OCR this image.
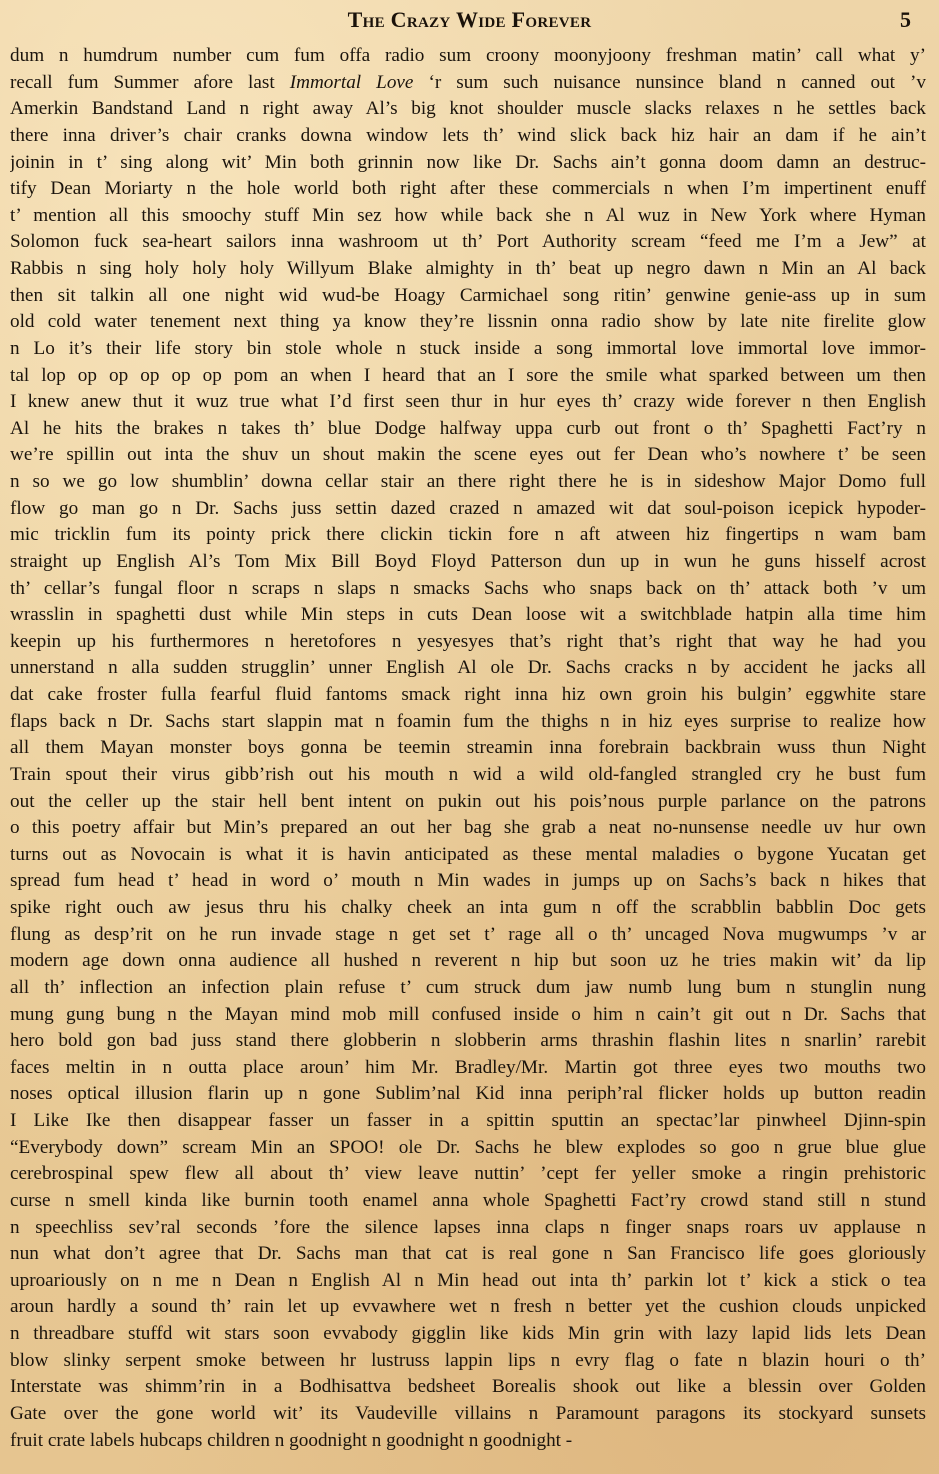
The Crazy Wide Forever	5
dum n humdrum number cum fum offa radio sum croony moonyjoony freshman matin’ call what y’
recall fum Summer afore last Immortal Love ‘r sum such nuisance nunsince bland n canned out ’v
Amerkin Bandstand Land n right away Al’s big knot shoulder muscle slacks relaxes n he settles back
there inna driver’s chair cranks downa window lets th’ wind slick back hiz hair an dam if he ain’t
joinin in t’ sing along wit’ Min both grinnin now like Dr. Sachs ain’t gonna doom damn an destruc-
tify Dean Moriarty n the hole world both right after these commercials n when I’m impertinent enuff
t’ mention all this smoochy stuff Min sez how while back she n Al wuz in New York where Hyman
Solomon fuck sea-heart sailors inna washroom ut th’ Port Authority scream “feed me I’m a Jew” at
Rabbis n sing holy holy holy Willyum Blake almighty in th’ beat up negro dawn n Min an Al back
then sit talkin all one night wid wud-be Hoagy Carmichael song ritin’ genwine genie-ass up in sum
old cold water tenement next thing ya know they’re lissnin onna radio show by late nite firelite glow
n Lo it’s their life story bin stole whole n stuck inside a song immortal love immortal love immor-
tal lop op op op op op pom an when I heard that an I sore the smile what sparked between um then
I knew anew thut it wuz true what I’d first seen thur in hur eyes th’ crazy wide forever n then English
Al he hits the brakes n takes th’ blue Dodge halfway uppa curb out front o th’ Spaghetti Fact’ry n
we’re spillin out inta the shuv un shout makin the scene eyes out fer Dean who’s nowhere t’ be seen
n so we go low shumblin’ downa cellar stair an there right there he is in sideshow Major Domo full
flow go man go n Dr. Sachs juss settin dazed crazed n amazed wit dat soul-poison icepick hypoder-
mic tricklin fum its pointy prick there clickin tickin fore n aft atween hiz fingertips n wam bam
straight up English Al’s Tom Mix Bill Boyd Floyd Patterson dun up in wun he guns hisself acrost
th’ cellar’s fungal floor n scraps n slaps n smacks Sachs who snaps back on th’ attack both ’v um
wrasslin in spaghetti dust while Min steps in cuts Dean loose wit a switchblade hatpin alla time him
keepin up his furthermores n heretofores n yesyesyes that’s right that’s right that way he had you
unnerstand n alla sudden strugglin’ unner English Al ole Dr. Sachs cracks n by accident he jacks all
dat cake froster fulla fearful fluid fantoms smack right inna hiz own groin his bulgin’ eggwhite stare
flaps back n Dr. Sachs start slappin mat n foamin fum the thighs n in hiz eyes surprise to realize how
all them Mayan monster boys gonna be teemin streamin inna forebrain backbrain wuss thun Night
Train spout their virus gibb’rish out his mouth n wid a wild old-fangled strangled cry he bust fum
out the celler up the stair hell bent intent on pukin out his pois’nous purple parlance on the patrons
o this poetry affair but Min’s prepared an out her bag she grab a neat no-nunsense needle uv hur own
turns out as Novocain is what it is havin anticipated as these mental maladies o bygone Yucatan get
spread fum head t’ head in word o’ mouth n Min wades in jumps up on Sachs’s back n hikes that
spike right ouch aw jesus thru his chalky cheek an inta gum n off the scrabblin babblin Doc gets
flung as desp’rit on he run invade stage n get set t’ rage all o th’ uncaged Nova mugwumps ’v ar
modern age down onna audience all hushed n reverent n hip but soon uz he tries makin wit’ da lip
all th’ inflection an infection plain refuse t’ cum struck dum jaw numb lung bum n stunglin nung
mung gung bung n the Mayan mind mob mill confused inside o him n cain’t git out n Dr. Sachs that
hero bold gon bad juss stand there globberin n slobberin arms thrashin flashin lites n snarlin’ rarebit
faces meltin in n outta place aroun’ him Mr. Bradley/Mr. Martin got three eyes two mouths two
noses optical illusion flarin up n gone Sublim’nal Kid inna periph’ral flicker holds up button readin
I Like Ike then disappear fasser un fasser in a spittin sputtin an spectac’lar pinwheel Djinn-spin
“Everybody down” scream Min an SPOO! ole Dr. Sachs he blew explodes so goo n grue blue glue
cerebrospinal spew flew all about th’ view leave nuttin’ ’cept fer yeller smoke a ringin prehistoric
curse n smell kinda like burnin tooth enamel anna whole Spaghetti Fact’ry crowd stand still n stund
n speechliss sev’ral seconds ’fore the silence lapses inna claps n finger snaps roars uv applause n
nun what don’t agree that Dr. Sachs man that cat is real gone n San Francisco life goes gloriously
uproariously on n me n Dean n English Al n Min head out inta th’ parkin lot t’ kick a stick o tea
aroun hardly a sound th’ rain let up evvawhere wet n fresh n better yet the cushion clouds unpicked
n threadbare stuffd wit stars soon evvabody gigglin like kids Min grin with lazy lapid lids lets Dean
blow slinky serpent smoke between hr lustruss lappin lips n evry flag o fate n blazin houri o th’
Interstate was shimm’rin in a Bodhisattva bedsheet Borealis shook out like a blessin over Golden
Gate over the gone world wit’ its Vaudeville villains n Paramount paragons its stockyard sunsets
fruit crate labels hubcaps children n goodnight n goodnight n goodnight -
